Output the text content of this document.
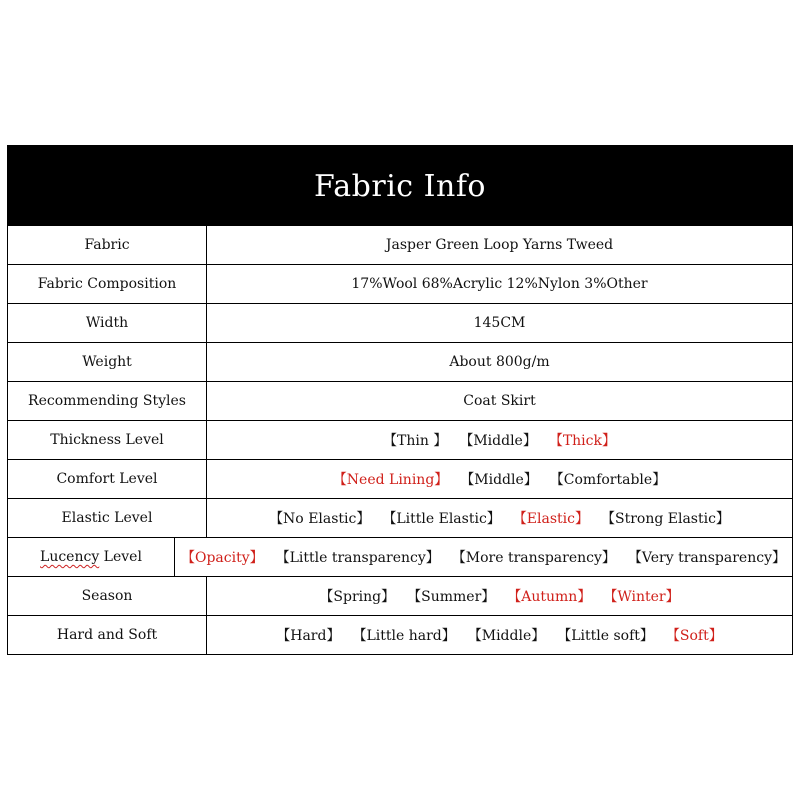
Fabric Info
Fabric	Jasper Green Loop Yarns Tweed
Fabric Composition	17%Wool 68%Acrylic 12%Nylon 3%Other
Width	145CM
Weight	About 800g/m
Recommending Styles	Coat Skirt
Thickness Level	【Thin 】 【Middle】 【Thick】
Comfort Level	【Need Lining】 【Middle】 【Comfortable】
Elastic Level	【No Elastic】 【Little Elastic】 【Elastic】 【Strong Elastic】
Lucency Level	【Opacity】 【Little transparency】 【More transparency】 【Very transparency】
Season	【Spring】 【Summer】 【Autumn】 【Winter】
Hard and Soft	【Hard】 【Little hard】 【Middle】 【Little soft】 【Soft】
